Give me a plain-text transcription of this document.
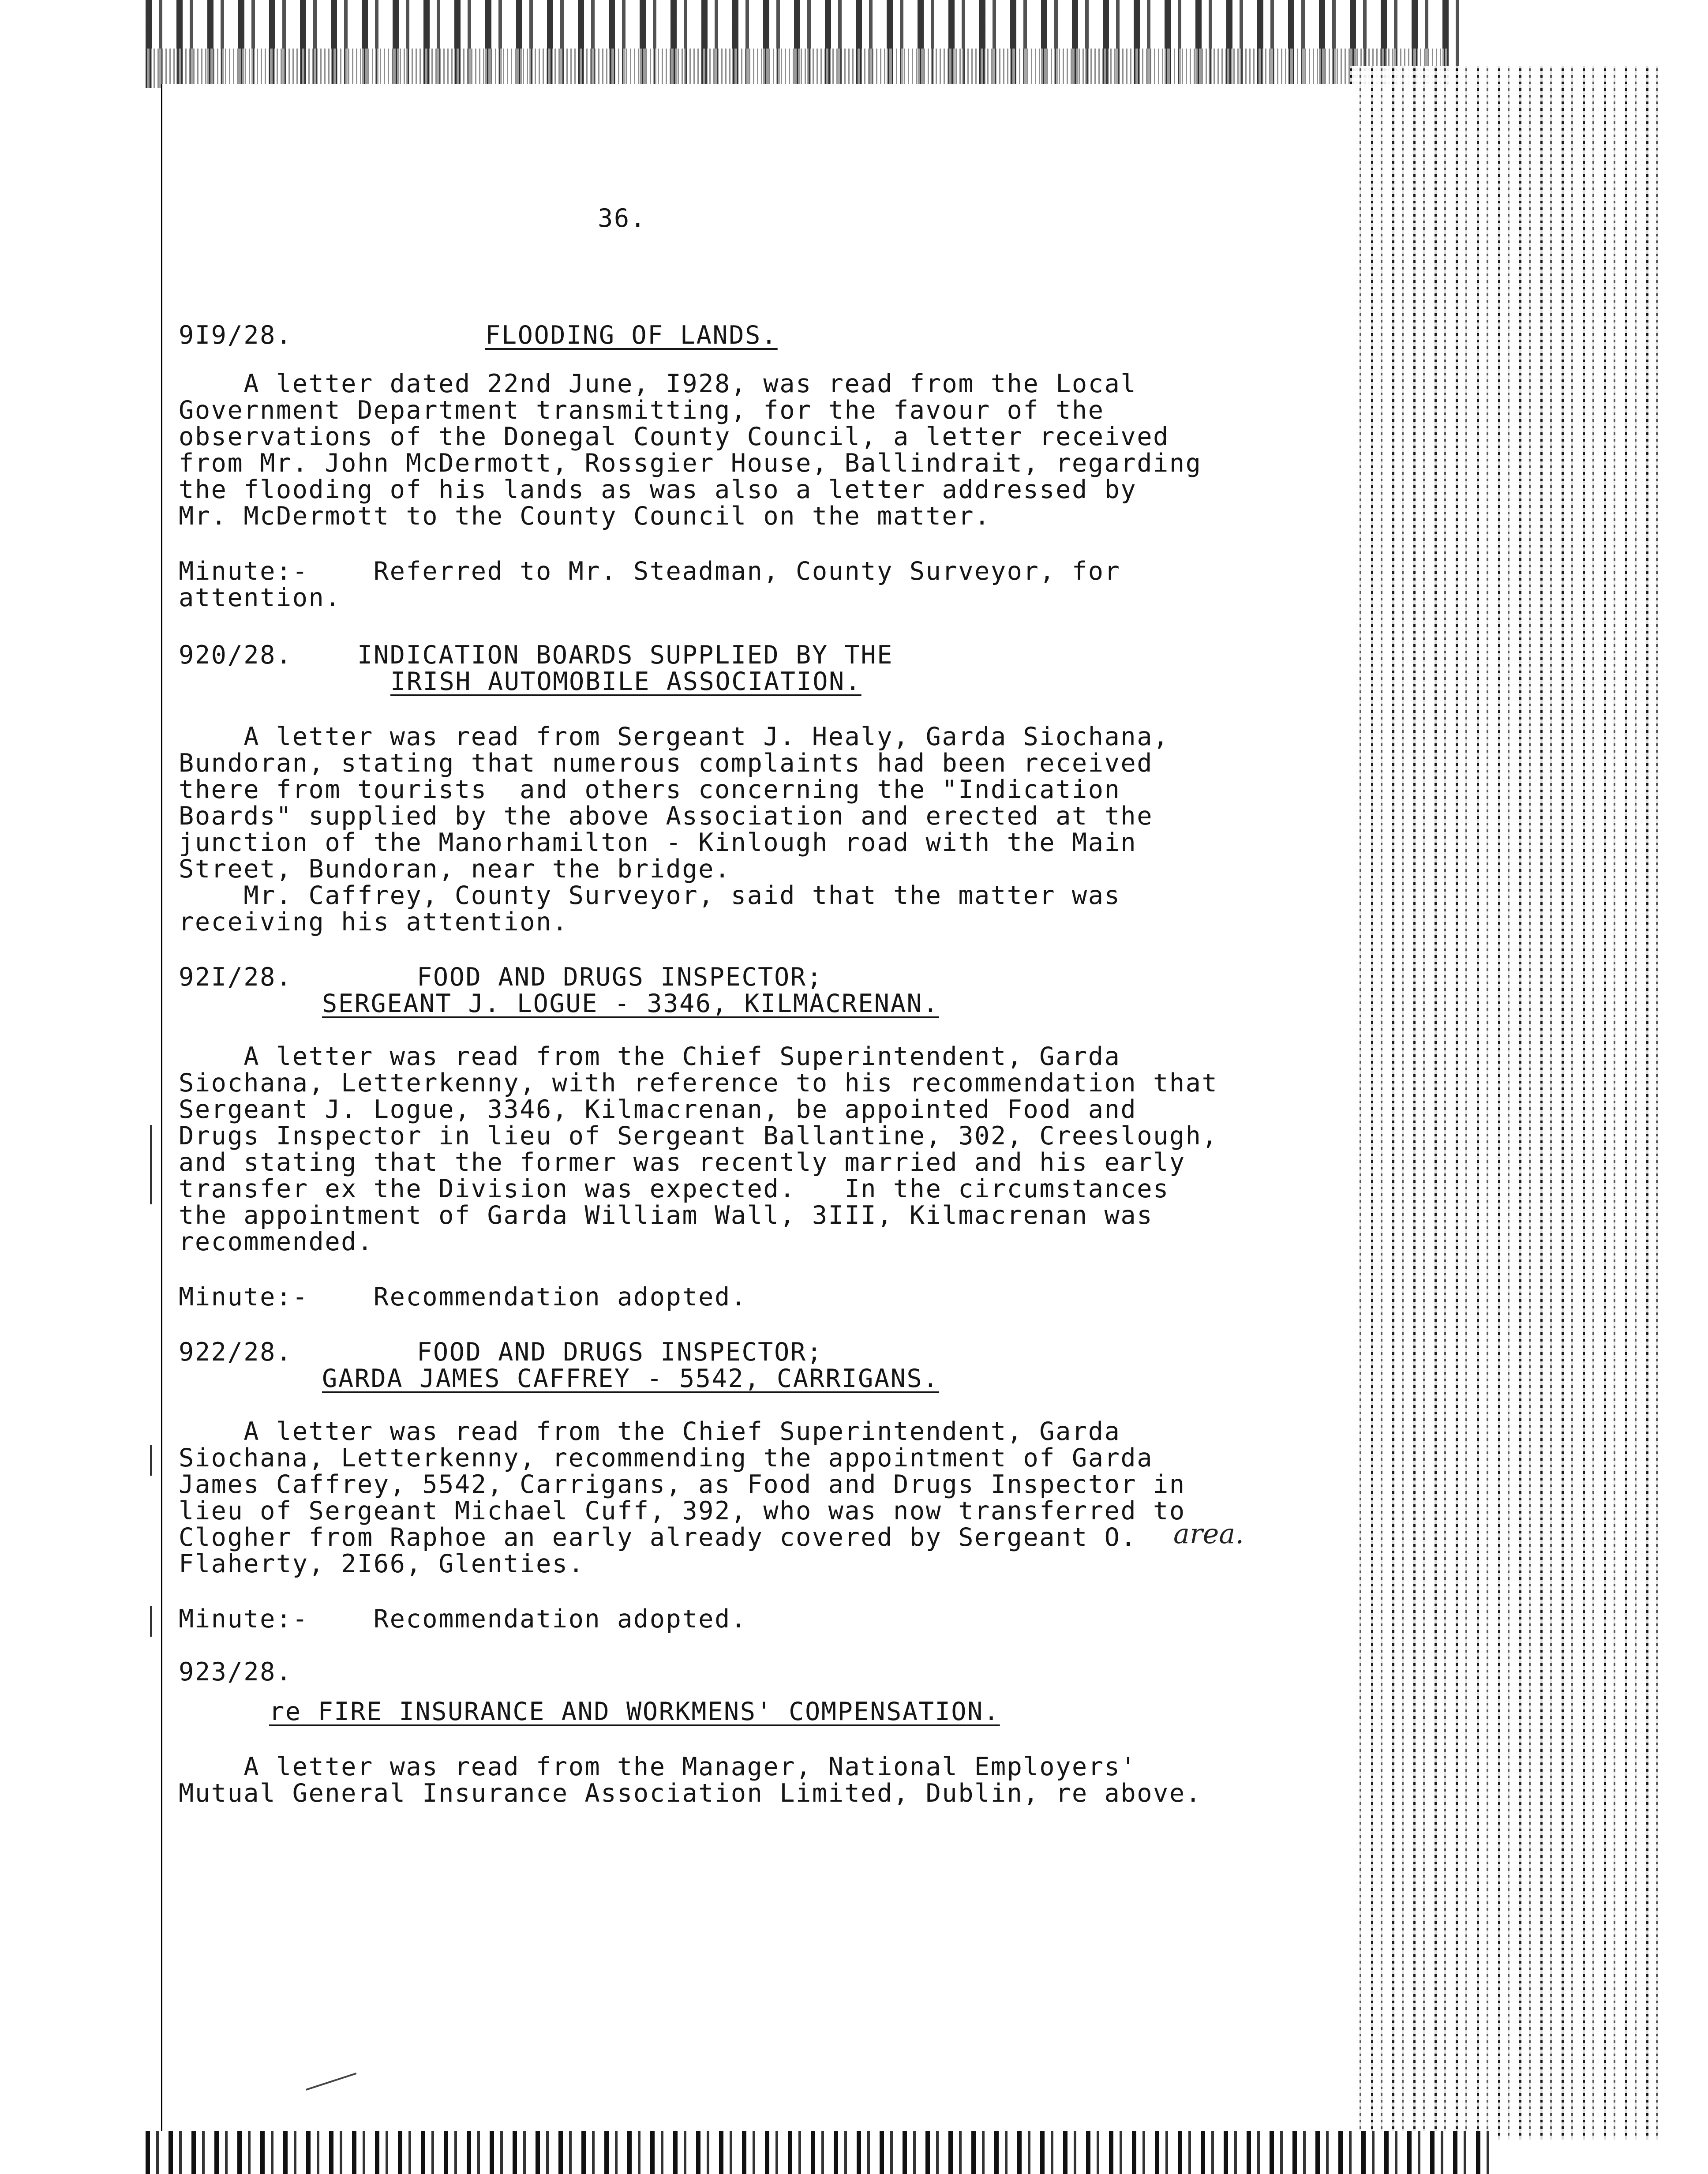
36.
9I9/28.	FLOODING OF LANDS.
A letter dated 22nd June, I928, was read from the Local
Government Department transmitting, for the favour of the
observations of the Donegal County Council, a letter received
from Mr. John McDermott, Rossgier House, Ballindrait, regarding
the flooding of his lands as was also a letter addressed by
Mr. McDermott to the County Council on the matter.
Minute:-    Referred to Mr. Steadman, County Surveyor, for
attention.
920/28.	INDICATION BOARDS SUPPLIED BY THE
IRISH AUTOMOBILE ASSOCIATION.
A letter was read from Sergeant J. Healy, Garda Siochana,
Bundoran, stating that numerous complaints had been received
there from tourists  and others concerning the "Indication
Boards" supplied by the above Association and erected at the
junction of the Manorhamilton - Kinlough road with the Main
Street, Bundoran, near the bridge.
Mr. Caffrey, County Surveyor, said that the matter was
receiving his attention.
92I/28.	FOOD AND DRUGS INSPECTOR;
SERGEANT J. LOGUE - 3346, KILMACRENAN.
A letter was read from the Chief Superintendent, Garda
Siochana, Letterkenny, with reference to his recommendation that
Sergeant J. Logue, 3346, Kilmacrenan, be appointed Food and
Drugs Inspector in lieu of Sergeant Ballantine, 302, Creeslough,
and stating that the former was recently married and his early
transfer ex the Division was expected.   In the circumstances
the appointment of Garda William Wall, 3III, Kilmacrenan was
recommended.
Minute:-    Recommendation adopted.
922/28.	FOOD AND DRUGS INSPECTOR;
GARDA JAMES CAFFREY - 5542, CARRIGANS.
A letter was read from the Chief Superintendent, Garda
Siochana, Letterkenny, recommending the appointment of Garda
James Caffrey, 5542, Carrigans, as Food and Drugs Inspector in
lieu of Sergeant Michael Cuff, 392, who was now transferred to
Clogher from Raphoe an early already covered by Sergeant O.
Flaherty, 2I66, Glenties.
area.
Minute:-    Recommendation adopted.
923/28.
re FIRE INSURANCE AND WORKMENS' COMPENSATION.
A letter was read from the Manager, National Employers'
Mutual General Insurance Association Limited, Dublin, re above.
